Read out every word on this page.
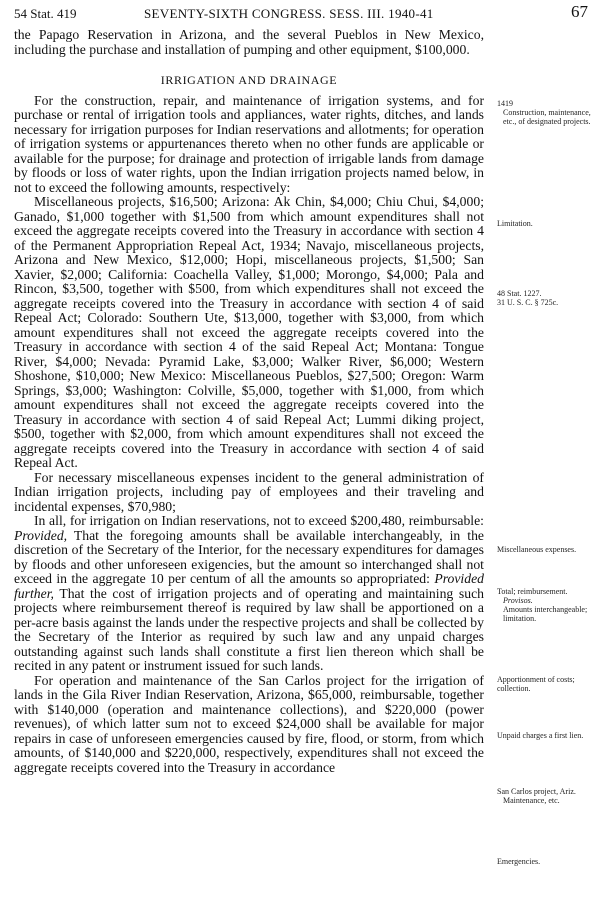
54 Stat. 419	SEVENTY-SIXTH CONGRESS. SESS. III. 1940-41	67

the Papago Reservation in Arizona, and the several Pueblos in New Mexico, including the purchase and installation of pumping and other equipment, $100,000.

IRRIGATION AND DRAINAGE

For the construction, repair, and maintenance of irrigation systems, and for purchase or rental of irrigation tools and appliances, water rights, ditches, and lands necessary for irrigation purposes for Indian reservations and allotments; for operation of irrigation systems or appurtenances thereto when no other funds are applicable or available for the purpose; for drainage and protection of irrigable lands from damage by floods or loss of water rights, upon the Indian irrigation projects named below, in not to exceed the following amounts, respectively:

Miscellaneous projects, $16,500; Arizona: Ak Chin, $4,000; Chiu Chui, $4,000; Ganado, $1,000 together with $1,500 from which amount expenditures shall not exceed the aggregate receipts covered into the Treasury in accordance with section 4 of the Permanent Appropriation Repeal Act, 1934; Navajo, miscellaneous projects, Arizona and New Mexico, $12,000; Hopi, miscellaneous projects, $1,500; San Xavier, $2,000; California: Coachella Valley, $1,000; Morongo, $4,000; Pala and Rincon, $3,500, together with $500, from which expenditures shall not exceed the aggregate receipts covered into the Treasury in accordance with section 4 of said Repeal Act; Colorado: Southern Ute, $13,000, together with $3,000, from which amount expenditures shall not exceed the aggregate receipts covered into the Treasury in accordance with section 4 of the said Repeal Act; Montana: Tongue River, $4,000; Nevada: Pyramid Lake, $3,000; Walker River, $6,000; Western Shoshone, $10,000; New Mexico: Miscellaneous Pueblos, $27,500; Oregon: Warm Springs, $3,000; Washington: Colville, $5,000, together with $1,000, from which amount expenditures shall not exceed the aggregate receipts covered into the Treasury in accordance with section 4 of said Repeal Act; Lummi diking project, $500, together with $2,000, from which amount expenditures shall not exceed the aggregate receipts covered into the Treasury in accordance with section 4 of said Repeal Act.

For necessary miscellaneous expenses incident to the general administration of Indian irrigation projects, including pay of employees and their traveling and incidental expenses, $70,980;

In all, for irrigation on Indian reservations, not to exceed $200,480, reimbursable: Provided, That the foregoing amounts shall be available interchangeably, in the discretion of the Secretary of the Interior, for the necessary expenditures for damages by floods and other unforeseen exigencies, but the amount so interchanged shall not exceed in the aggregate 10 per centum of all the amounts so appropriated: Provided further, That the cost of irrigation projects and of operating and maintaining such projects where reimbursement thereof is required by law shall be apportioned on a per-acre basis against the lands under the respective projects and shall be collected by the Secretary of the Interior as required by such law and any unpaid charges outstanding against such lands shall constitute a first lien thereon which shall be recited in any patent or instrument issued for such lands.

For operation and maintenance of the San Carlos project for the irrigation of lands in the Gila River Indian Reservation, Arizona, $65,000, reimbursable, together with $140,000 (operation and maintenance collections), and $220,000 (power revenues), of which latter sum not to exceed $24,000 shall be available for major repairs in case of unforeseen emergencies caused by fire, flood, or storm, from which amounts, of $140,000 and $220,000, respectively, expenditures shall not exceed the aggregate receipts covered into the Treasury in accordance

1419

Construction, maintenance, etc., of designated projects.

Limitation.

48 Stat. 1227.

31 U. S. C. § 725c.

Miscellaneous expenses.

Total; reimbursement.

Provisos.

Amounts interchangeable; limitation.

Apportionment of costs; collection.
Unpaid charges a first lien.

San Carlos project, Ariz.

Maintenance, etc.

Emergencies.
